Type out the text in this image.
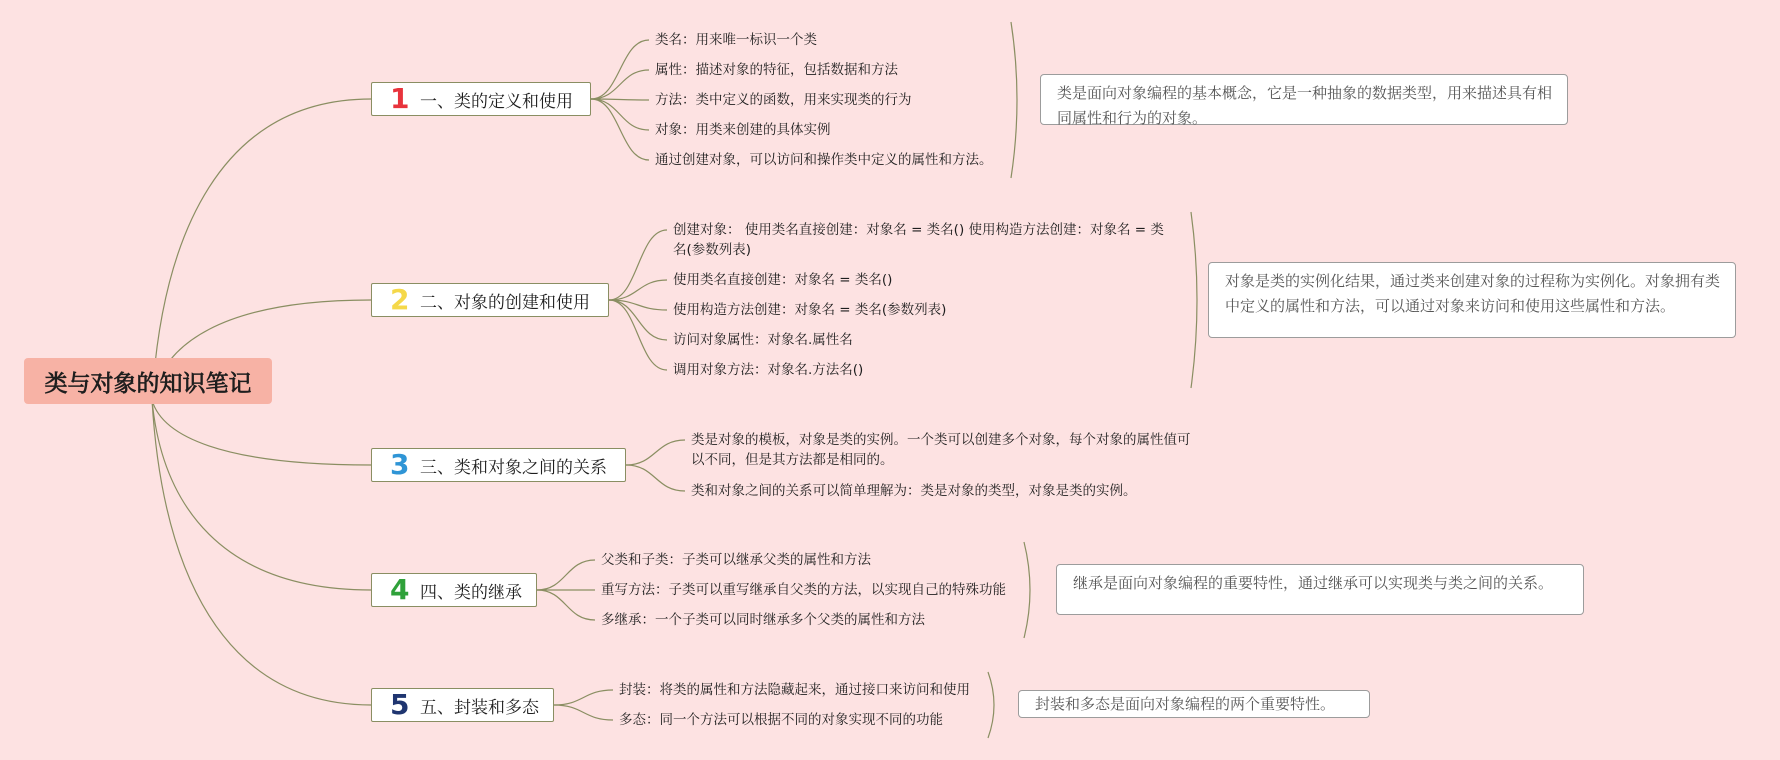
类与对象的知识笔记
1 一、类的定义和使用
类名：用来唯一标识一个类
属性：描述对象的特征，包括数据和方法
方法：类中定义的函数，用来实现类的行为
对象：用类来创建的具体实例
通过创建对象，可以访问和操作类中定义的属性和方法。
类是面向对象编程的基本概念，它是一种抽象的数据类型，用来描述具有相同属性和行为的对象。
2 二、对象的创建和使用
创建对象： 使用类名直接创建：对象名 = 类名() 使用构造方法创建：对象名 = 类名(参数列表)
使用类名直接创建：对象名 = 类名()
使用构造方法创建：对象名 = 类名(参数列表)
访问对象属性：对象名.属性名
调用对象方法：对象名.方法名()
对象是类的实例化结果，通过类来创建对象的过程称为实例化。对象拥有类中定义的属性和方法，可以通过对象来访问和使用这些属性和方法。
3 三、类和对象之间的关系
类是对象的模板，对象是类的实例。一个类可以创建多个对象，每个对象的属性值可以不同，但是其方法都是相同的。
类和对象之间的关系可以简单理解为：类是对象的类型，对象是类的实例。
4 四、类的继承
父类和子类：子类可以继承父类的属性和方法
重写方法：子类可以重写继承自父类的方法，以实现自己的特殊功能
多继承：一个子类可以同时继承多个父类的属性和方法
继承是面向对象编程的重要特性，通过继承可以实现类与类之间的关系。
5 五、封装和多态
封装：将类的属性和方法隐藏起来，通过接口来访问和使用
多态：同一个方法可以根据不同的对象实现不同的功能
封装和多态是面向对象编程的两个重要特性。
